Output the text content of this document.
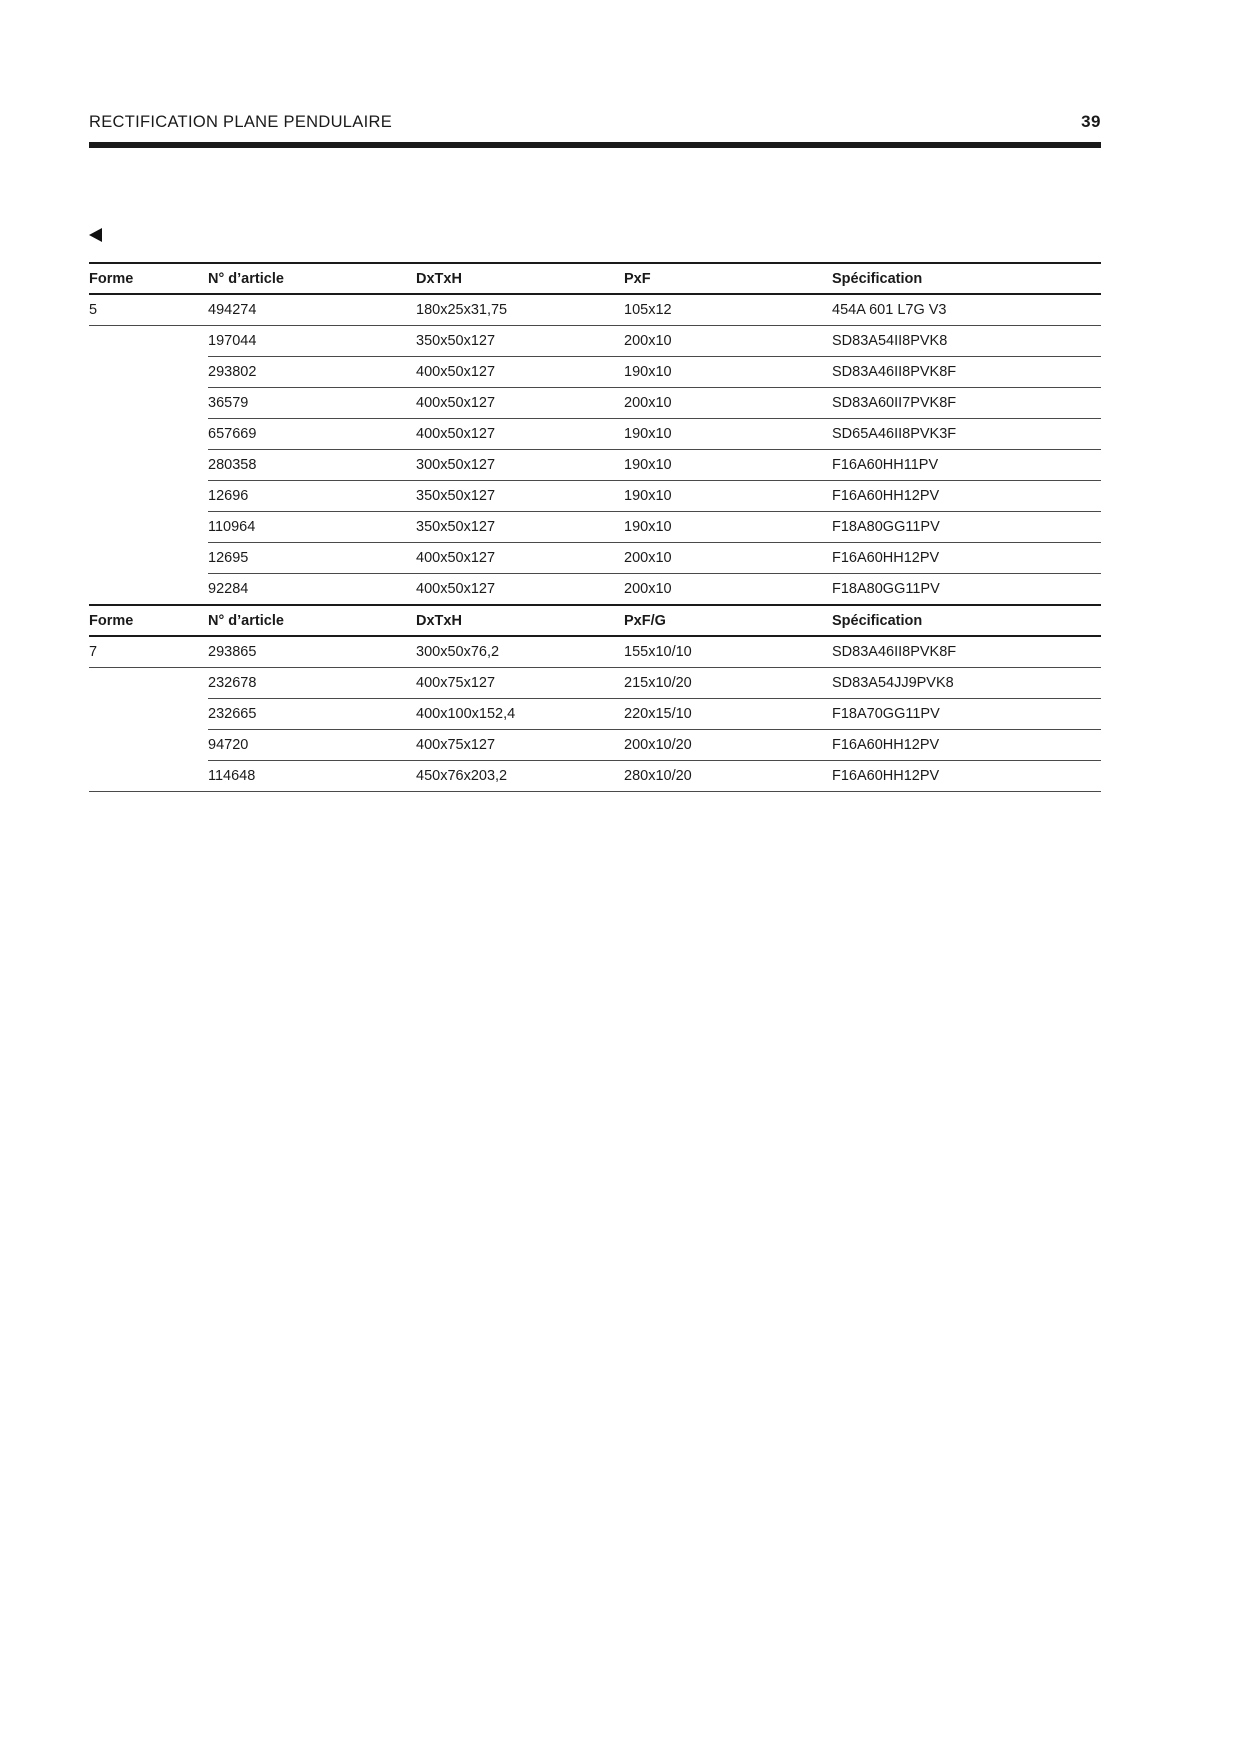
RECTIFICATION PLANE PENDULAIRE	39
Forme	N° d’article	DxTxH	PxF	Spécification
5	494274	180x25x31,75	105x12	454A 601 L7G V3
	197044	350x50x127	200x10	SD83A54II8PVK8
	293802	400x50x127	190x10	SD83A46II8PVK8F
	36579	400x50x127	200x10	SD83A60II7PVK8F
	657669	400x50x127	190x10	SD65A46II8PVK3F
	280358	300x50x127	190x10	F16A60HH11PV
	12696	350x50x127	190x10	F16A60HH12PV
	110964	350x50x127	190x10	F18A80GG11PV
	12695	400x50x127	200x10	F16A60HH12PV
	92284	400x50x127	200x10	F18A80GG11PV
Forme	N° d’article	DxTxH	PxF/G	Spécification
7	293865	300x50x76,2	155x10/10	SD83A46II8PVK8F
	232678	400x75x127	215x10/20	SD83A54JJ9PVK8
	232665	400x100x152,4	220x15/10	F18A70GG11PV
	94720	400x75x127	200x10/20	F16A60HH12PV
	114648	450x76x203,2	280x10/20	F16A60HH12PV
